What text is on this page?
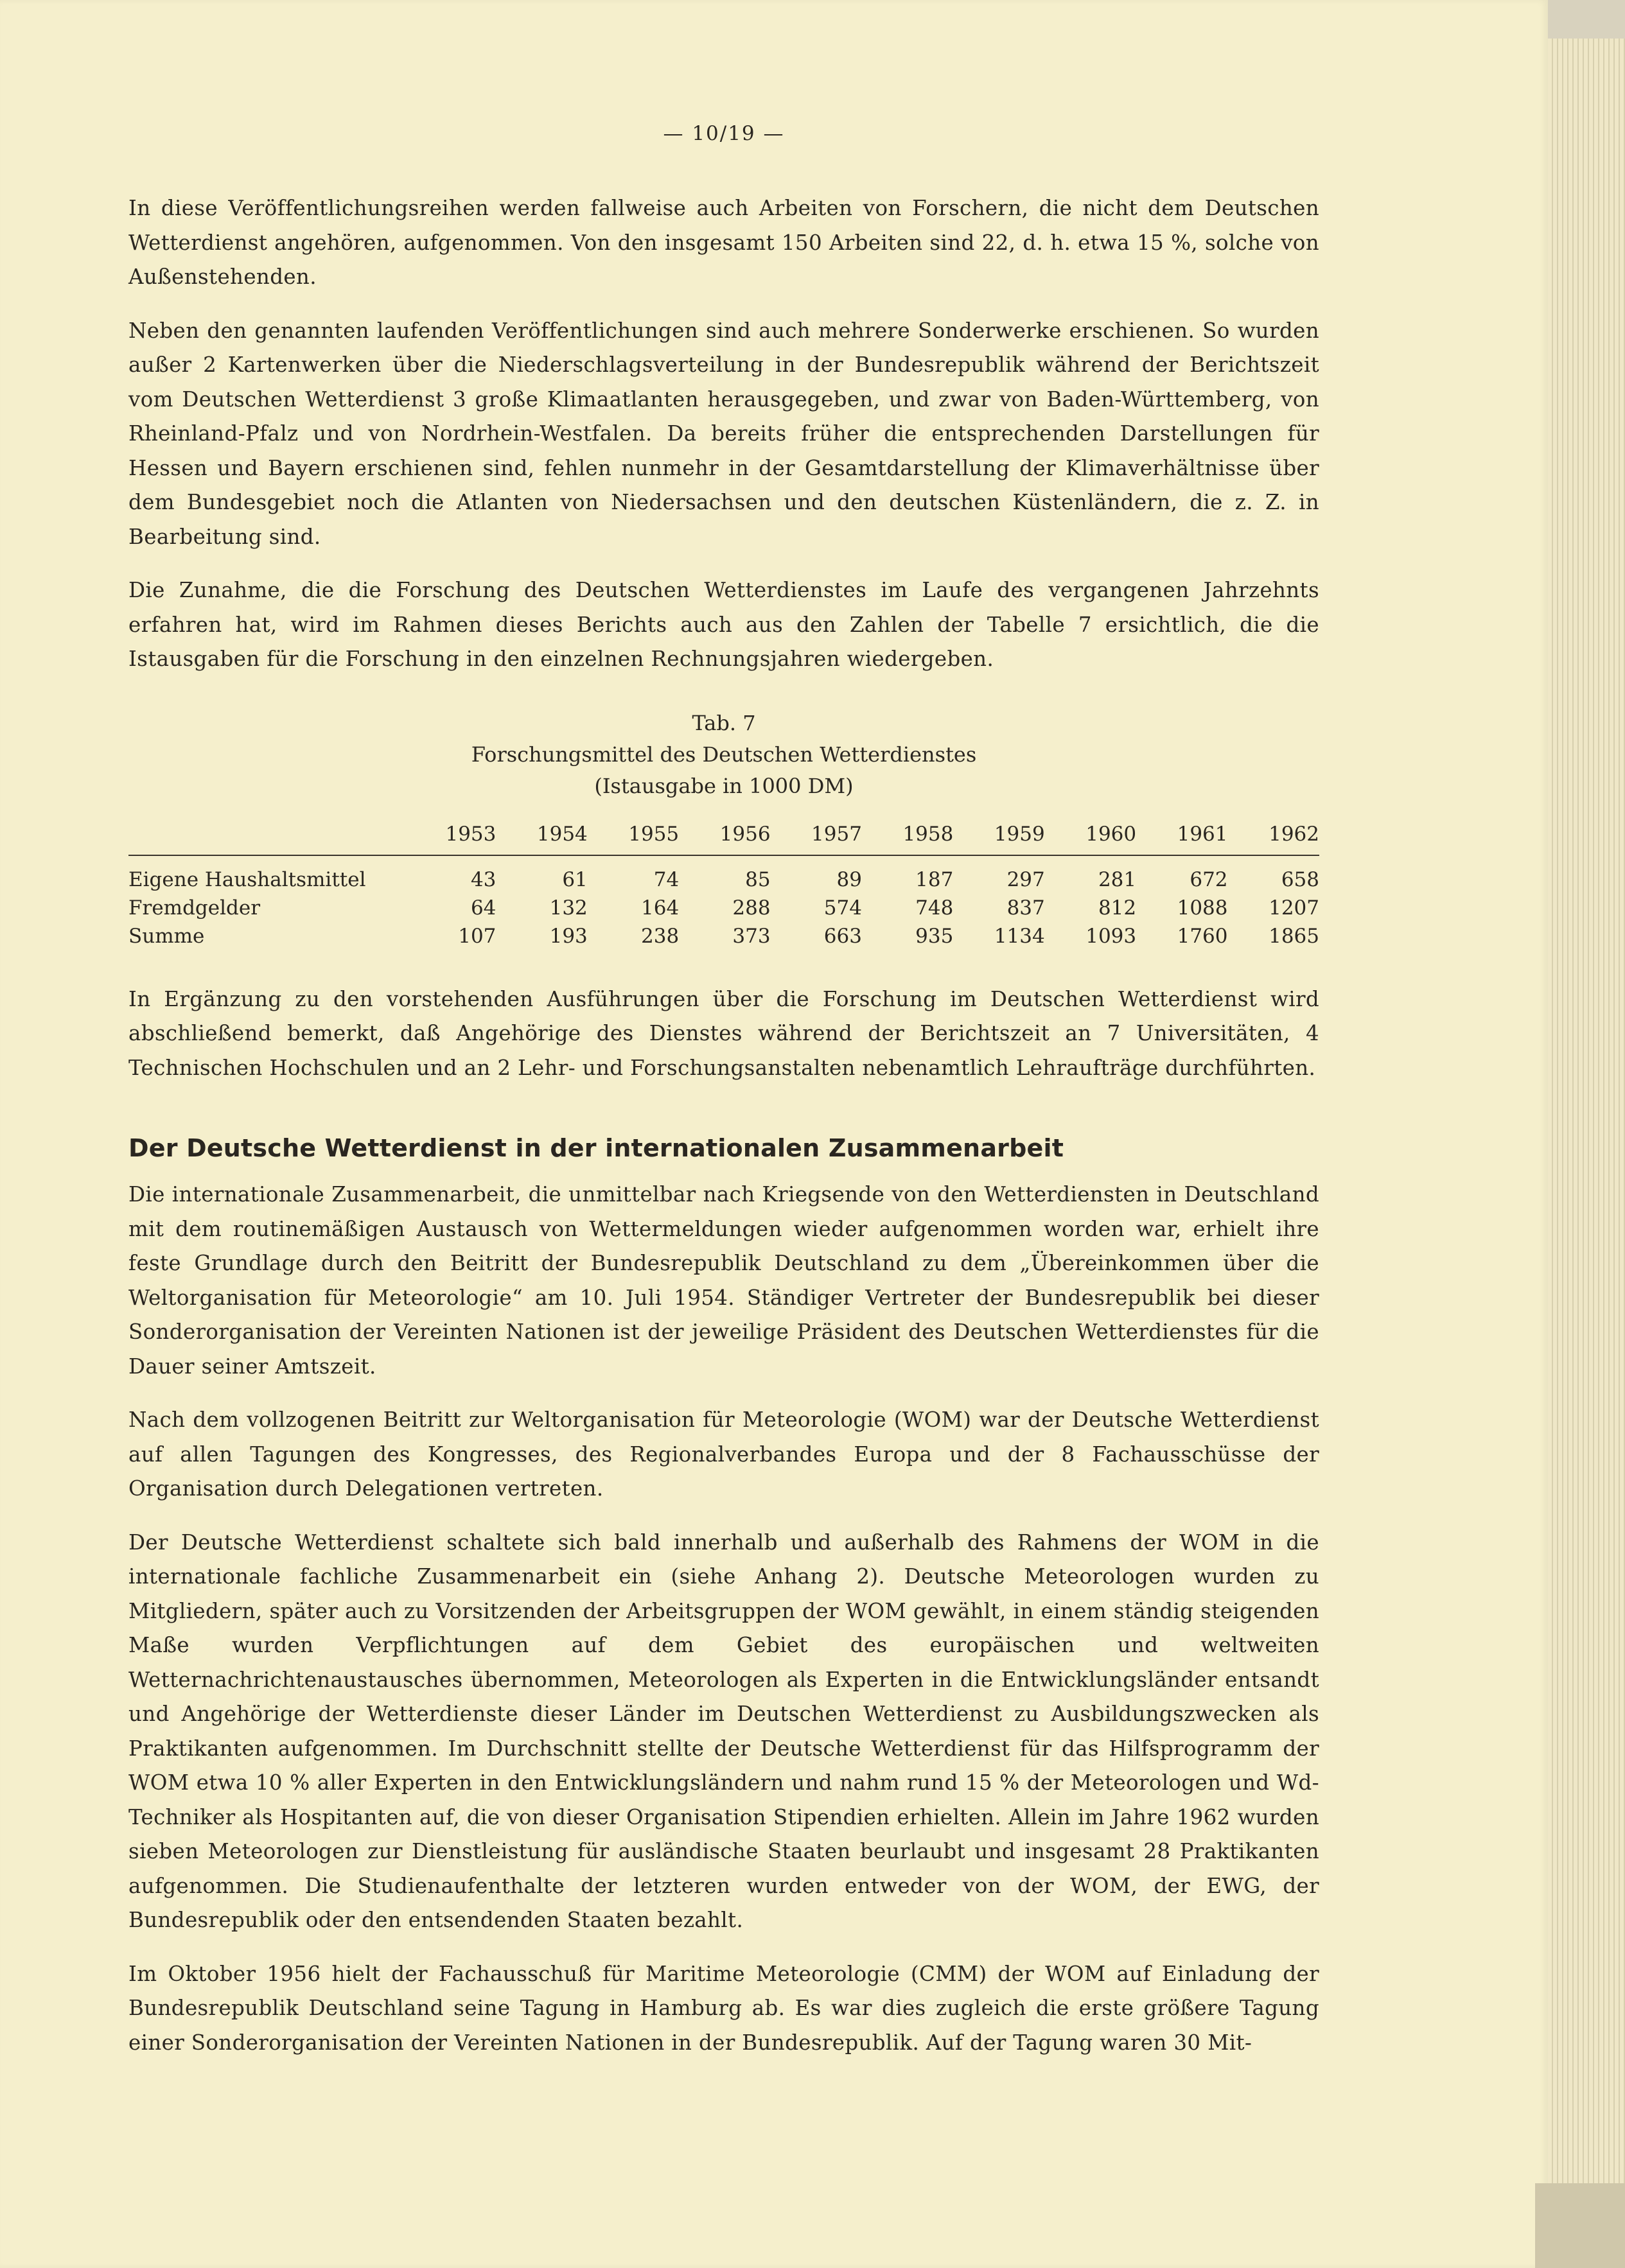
— 10/19 —

In diese Veröffentlichungsreihen werden fallweise auch Arbeiten von Forschern, die nicht dem Deutschen Wetterdienst angehören, aufgenommen. Von den insgesamt 150 Arbeiten sind 22, d. h. etwa 15 %, solche von Außenstehenden.

Neben den genannten laufenden Veröffentlichungen sind auch mehrere Sonderwerke erschienen. So wurden außer 2 Kartenwerken über die Niederschlagsverteilung in der Bundesrepublik während der Berichtszeit vom Deutschen Wetterdienst 3 große Klimaatlanten herausgegeben, und zwar von Baden-Württemberg, von Rheinland-Pfalz und von Nordrhein-Westfalen. Da bereits früher die entsprechenden Darstellungen für Hessen und Bayern erschienen sind, fehlen nunmehr in der Gesamtdarstellung der Klimaverhältnisse über dem Bundesgebiet noch die Atlanten von Niedersachsen und den deutschen Küstenländern, die z. Z. in Bearbeitung sind.

Die Zunahme, die die Forschung des Deutschen Wetterdienstes im Laufe des vergangenen Jahrzehnts erfahren hat, wird im Rahmen dieses Berichts auch aus den Zahlen der Tabelle 7 ersichtlich, die die Istausgaben für die Forschung in den einzelnen Rechnungsjahren wiedergeben.

Tab. 7
Forschungsmittel des Deutschen Wetterdienstes
(Istausgabe in 1000 DM)
	1953	1954	1955	1956	1957	1958	1959	1960	1961	1962
Eigene Haushaltsmittel	43	61	74	85	89	187	297	281	672	658
Fremdgelder	64	132	164	288	574	748	837	812	1088	1207
Summe	107	193	238	373	663	935	1134	1093	1760	1865

In Ergänzung zu den vorstehenden Ausführungen über die Forschung im Deutschen Wetterdienst wird abschließend bemerkt, daß Angehörige des Dienstes während der Berichtszeit an 7 Universitäten, 4 Technischen Hochschulen und an 2 Lehr- und Forschungsanstalten nebenamtlich Lehraufträge durchführten.

Der Deutsche Wetterdienst in der internationalen Zusammenarbeit

Die internationale Zusammenarbeit, die unmittelbar nach Kriegsende von den Wetterdiensten in Deutschland mit dem routinemäßigen Austausch von Wettermeldungen wieder aufgenommen worden war, erhielt ihre feste Grundlage durch den Beitritt der Bundesrepublik Deutschland zu dem „Übereinkommen über die Weltorganisation für Meteorologie“ am 10. Juli 1954. Ständiger Vertreter der Bundesrepublik bei dieser Sonderorganisation der Vereinten Nationen ist der jeweilige Präsident des Deutschen Wetterdienstes für die Dauer seiner Amtszeit.

Nach dem vollzogenen Beitritt zur Weltorganisation für Meteorologie (WOM) war der Deutsche Wetterdienst auf allen Tagungen des Kongresses, des Regionalverbandes Europa und der 8 Fachausschüsse der Organisation durch Delegationen vertreten.

Der Deutsche Wetterdienst schaltete sich bald innerhalb und außerhalb des Rahmens der WOM in die internationale fachliche Zusammenarbeit ein (siehe Anhang 2). Deutsche Meteorologen wurden zu Mitgliedern, später auch zu Vorsitzenden der Arbeitsgruppen der WOM gewählt, in einem ständig steigenden Maße wurden Verpflichtungen auf dem Gebiet des europäischen und weltweiten Wetternachrichtenaustausches übernommen, Meteorologen als Experten in die Entwicklungsländer entsandt und Angehörige der Wetterdienste dieser Länder im Deutschen Wetterdienst zu Ausbildungszwecken als Praktikanten aufgenommen. Im Durchschnitt stellte der Deutsche Wetterdienst für das Hilfsprogramm der WOM etwa 10 % aller Experten in den Entwicklungsländern und nahm rund 15 % der Meteorologen und Wd-Techniker als Hospitanten auf, die von dieser Organisation Stipendien erhielten. Allein im Jahre 1962 wurden sieben Meteorologen zur Dienstleistung für ausländische Staaten beurlaubt und insgesamt 28 Praktikanten aufgenommen. Die Studienaufenthalte der letzteren wurden entweder von der WOM, der EWG, der Bundesrepublik oder den entsendenden Staaten bezahlt.

Im Oktober 1956 hielt der Fachausschuß für Maritime Meteorologie (CMM) der WOM auf Einladung der Bundesrepublik Deutschland seine Tagung in Hamburg ab. Es war dies zugleich die erste größere Tagung einer Sonderorganisation der Vereinten Nationen in der Bundesrepublik. Auf der Tagung waren 30 Mit-
